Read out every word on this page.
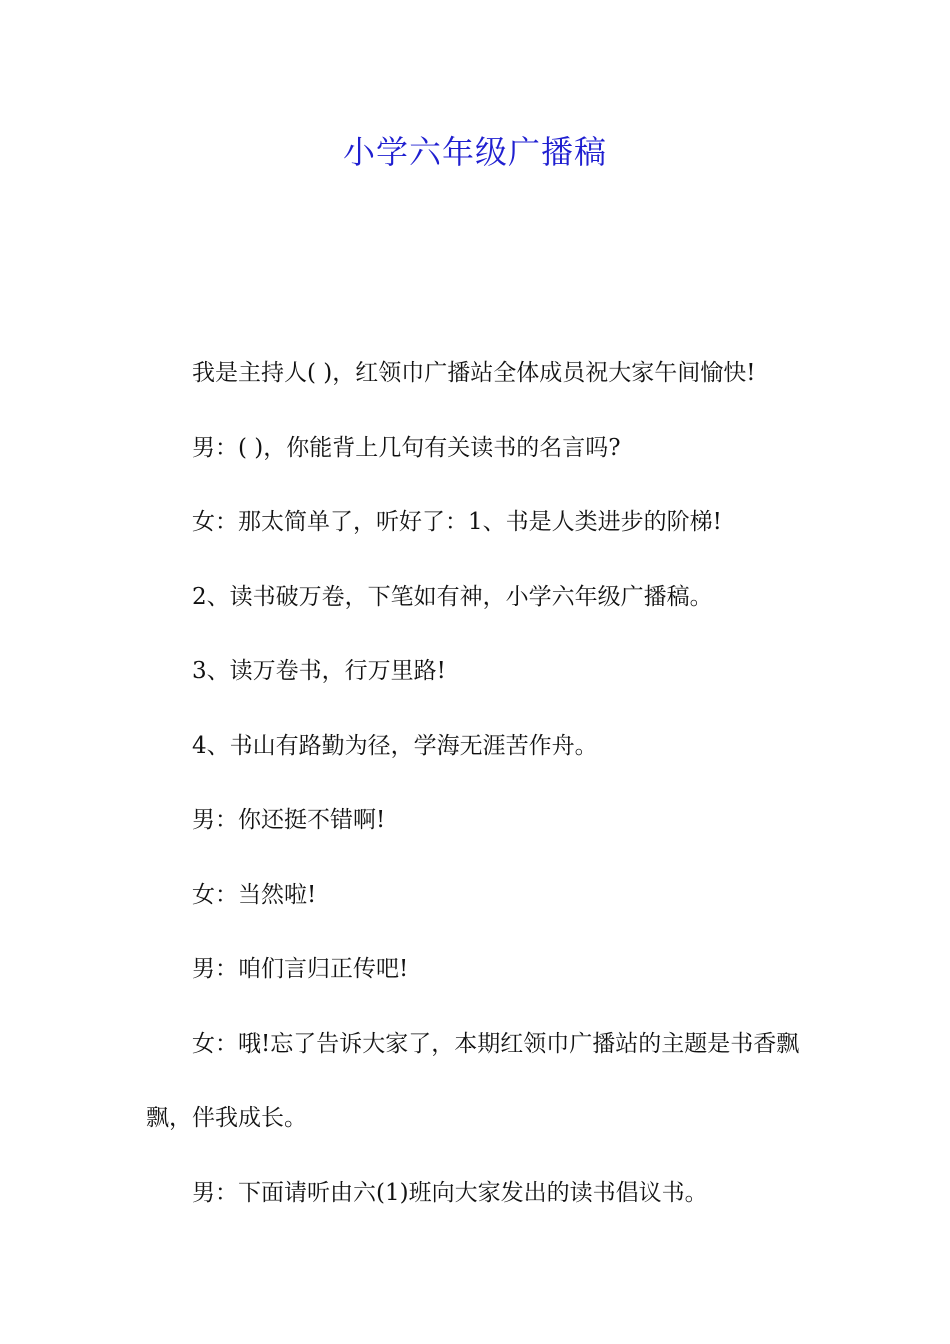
小学六年级广播稿

我是主持人( )，红领巾广播站全体成员祝大家午间愉快!

男：( )，你能背上几句有关读书的名言吗?

女：那太简单了，听好了：1、书是人类进步的阶梯!

2、读书破万卷，下笔如有神，小学六年级广播稿。

3、读万卷书，行万里路!

4、书山有路勤为径，学海无涯苦作舟。

男：你还挺不错啊!

女：当然啦!

男：咱们言归正传吧!

女：哦!忘了告诉大家了，本期红领巾广播站的主题是书香飘飘，伴我成长。

男：下面请听由六(1)班向大家发出的读书倡议书。
